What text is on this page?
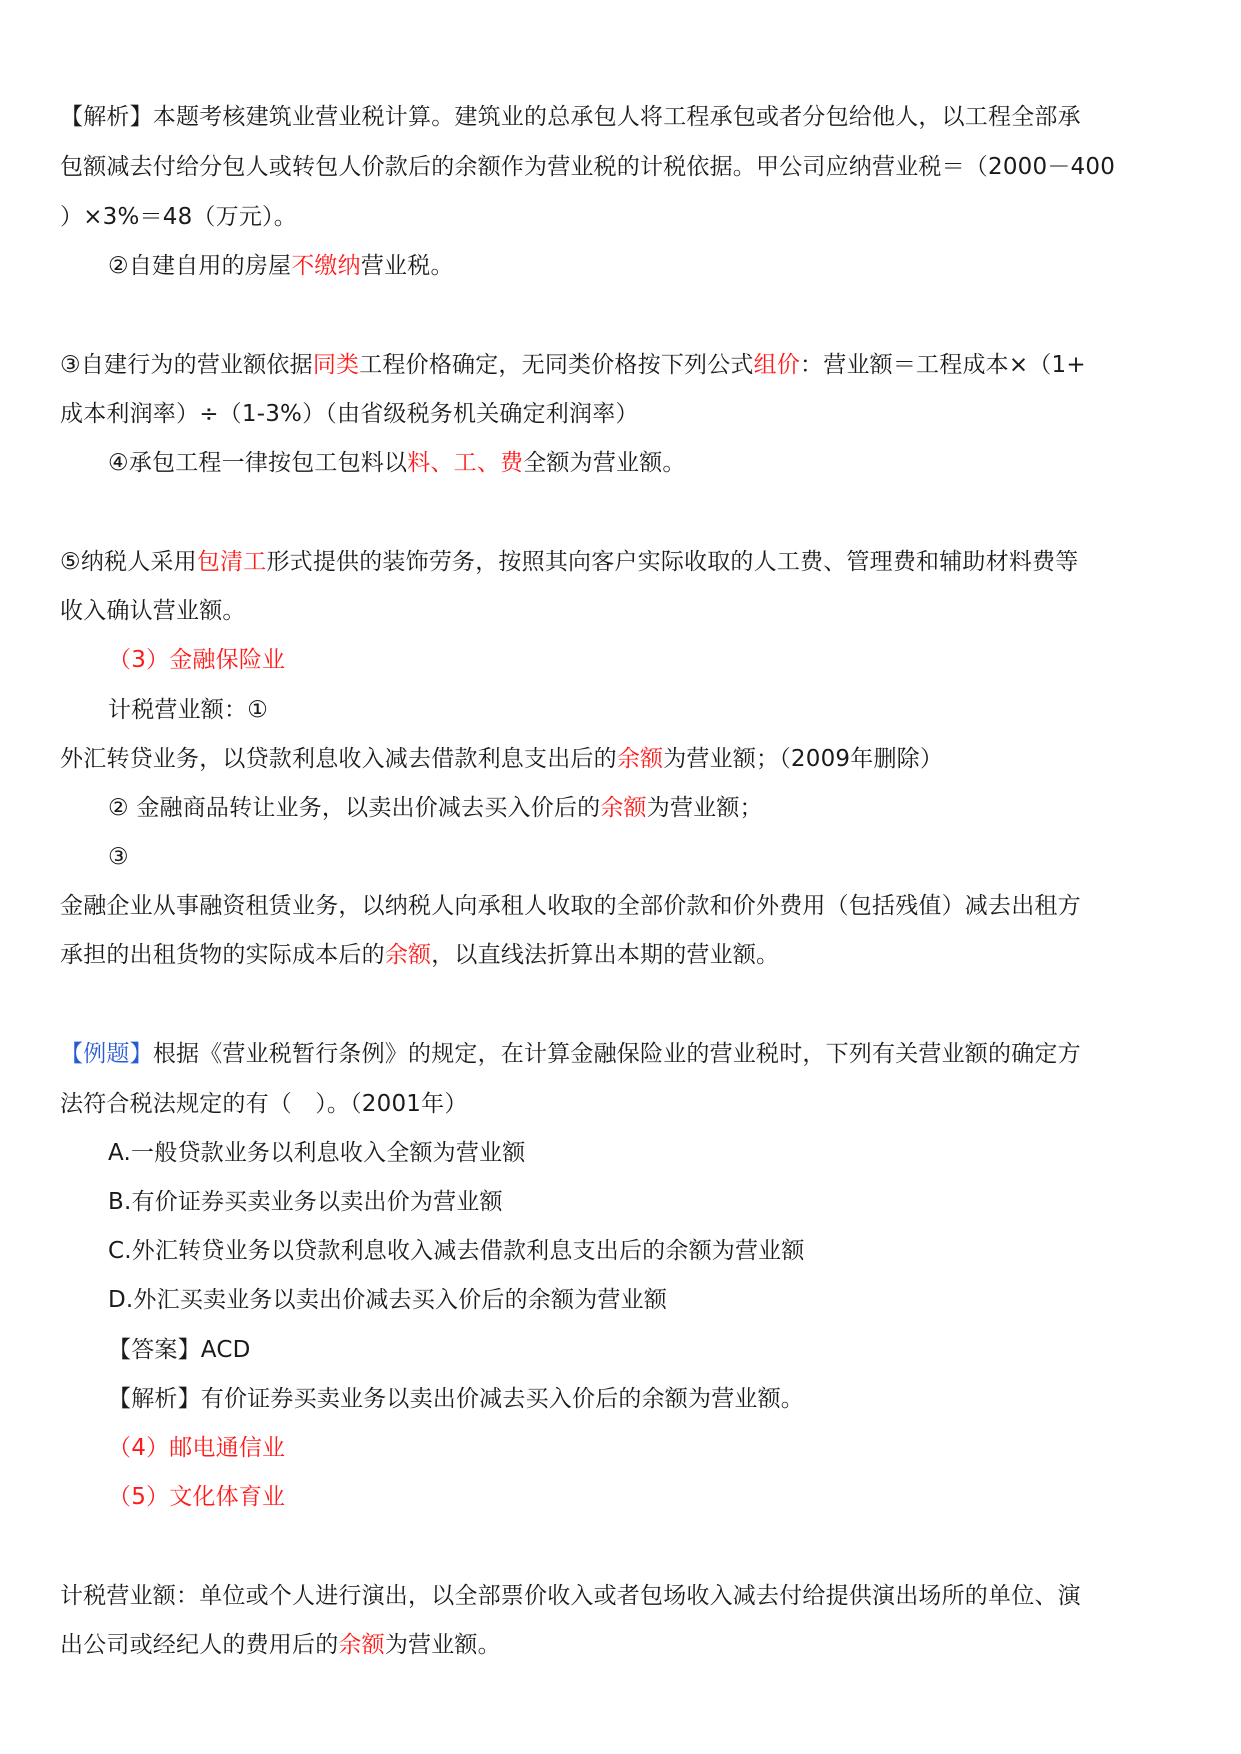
【解析】本题考核建筑业营业税计算。建筑业的总承包人将工程承包或者分包给他人，以工程全部承
包额减去付给分包人或转包人价款后的余额作为营业税的计税依据。甲公司应纳营业税＝（2000－400
）×3%＝48（万元）。
②自建自用的房屋不缴纳营业税。
③自建行为的营业额依据同类工程价格确定，无同类价格按下列公式组价：营业额＝工程成本×（1+
成本利润率）÷（1-3%）（由省级税务机关确定利润率）
④承包工程一律按包工包料以料、工、费全额为营业额。
⑤纳税人采用包清工形式提供的装饰劳务，按照其向客户实际收取的人工费、管理费和辅助材料费等
收入确认营业额。
（3）金融保险业
计税营业额：①
外汇转贷业务，以贷款利息收入减去借款利息支出后的余额为营业额；（2009年删除）
② 金融商品转让业务，以卖出价减去买入价后的余额为营业额；
③
金融企业从事融资租赁业务，以纳税人向承租人收取的全部价款和价外费用（包括残值）减去出租方
承担的出租货物的实际成本后的余额，以直线法折算出本期的营业额。
【例题】根据《营业税暂行条例》的规定，在计算金融保险业的营业税时，下列有关营业额的确定方
法符合税法规定的有（　）。（2001年）
A.一般贷款业务以利息收入全额为营业额
B.有价证券买卖业务以卖出价为营业额
C.外汇转贷业务以贷款利息收入减去借款利息支出后的余额为营业额
D.外汇买卖业务以卖出价减去买入价后的余额为营业额
【答案】ACD
【解析】有价证券买卖业务以卖出价减去买入价后的余额为营业额。
（4）邮电通信业
（5）文化体育业
计税营业额：单位或个人进行演出，以全部票价收入或者包场收入减去付给提供演出场所的单位、演
出公司或经纪人的费用后的余额为营业额。
